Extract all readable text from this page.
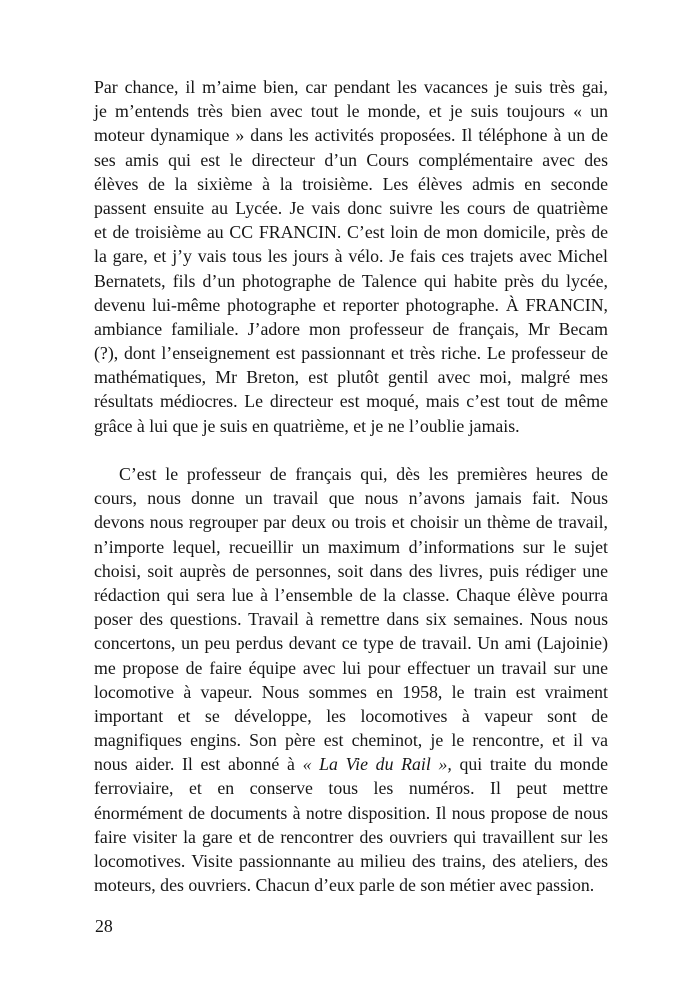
Par chance, il m’aime bien, car pendant les vacances je suis très gai,
je m’entends très bien avec tout le monde, et je suis toujours « un
moteur dynamique » dans les activités proposées. Il téléphone à un de
ses amis qui est le directeur d’un Cours complémentaire avec des
élèves de la sixième à la troisième. Les élèves admis en seconde
passent ensuite au Lycée. Je vais donc suivre les cours de quatrième
et de troisième au CC FRANCIN. C’est loin de mon domicile, près de
la gare, et j’y vais tous les jours à vélo. Je fais ces trajets avec Michel
Bernatets, fils d’un photographe de Talence qui habite près du lycée,
devenu lui-même photographe et reporter photographe. À FRANCIN,
ambiance familiale. J’adore mon professeur de français, Mr Becam
(?), dont l’enseignement est passionnant et très riche. Le professeur de
mathématiques, Mr Breton, est plutôt gentil avec moi, malgré mes
résultats médiocres. Le directeur est moqué, mais c’est tout de même
grâce à lui que je suis en quatrième, et je ne l’oublie jamais.
C’est le professeur de français qui, dès les premières heures de
cours, nous donne un travail que nous n’avons jamais fait. Nous
devons nous regrouper par deux ou trois et choisir un thème de travail,
n’importe lequel, recueillir un maximum d’informations sur le sujet
choisi, soit auprès de personnes, soit dans des livres, puis rédiger une
rédaction qui sera lue à l’ensemble de la classe. Chaque élève pourra
poser des questions. Travail à remettre dans six semaines. Nous nous
concertons, un peu perdus devant ce type de travail. Un ami (Lajoinie)
me propose de faire équipe avec lui pour effectuer un travail sur une
locomotive à vapeur. Nous sommes en 1958, le train est vraiment
important et se développe, les locomotives à vapeur sont de
magnifiques engins. Son père est cheminot, je le rencontre, et il va
nous aider. Il est abonné à « La Vie du Rail », qui traite du monde
ferroviaire, et en conserve tous les numéros. Il peut mettre
énormément de documents à notre disposition. Il nous propose de nous
faire visiter la gare et de rencontrer des ouvriers qui travaillent sur les
locomotives. Visite passionnante au milieu des trains, des ateliers, des
moteurs, des ouvriers. Chacun d’eux parle de son métier avec passion.
28
